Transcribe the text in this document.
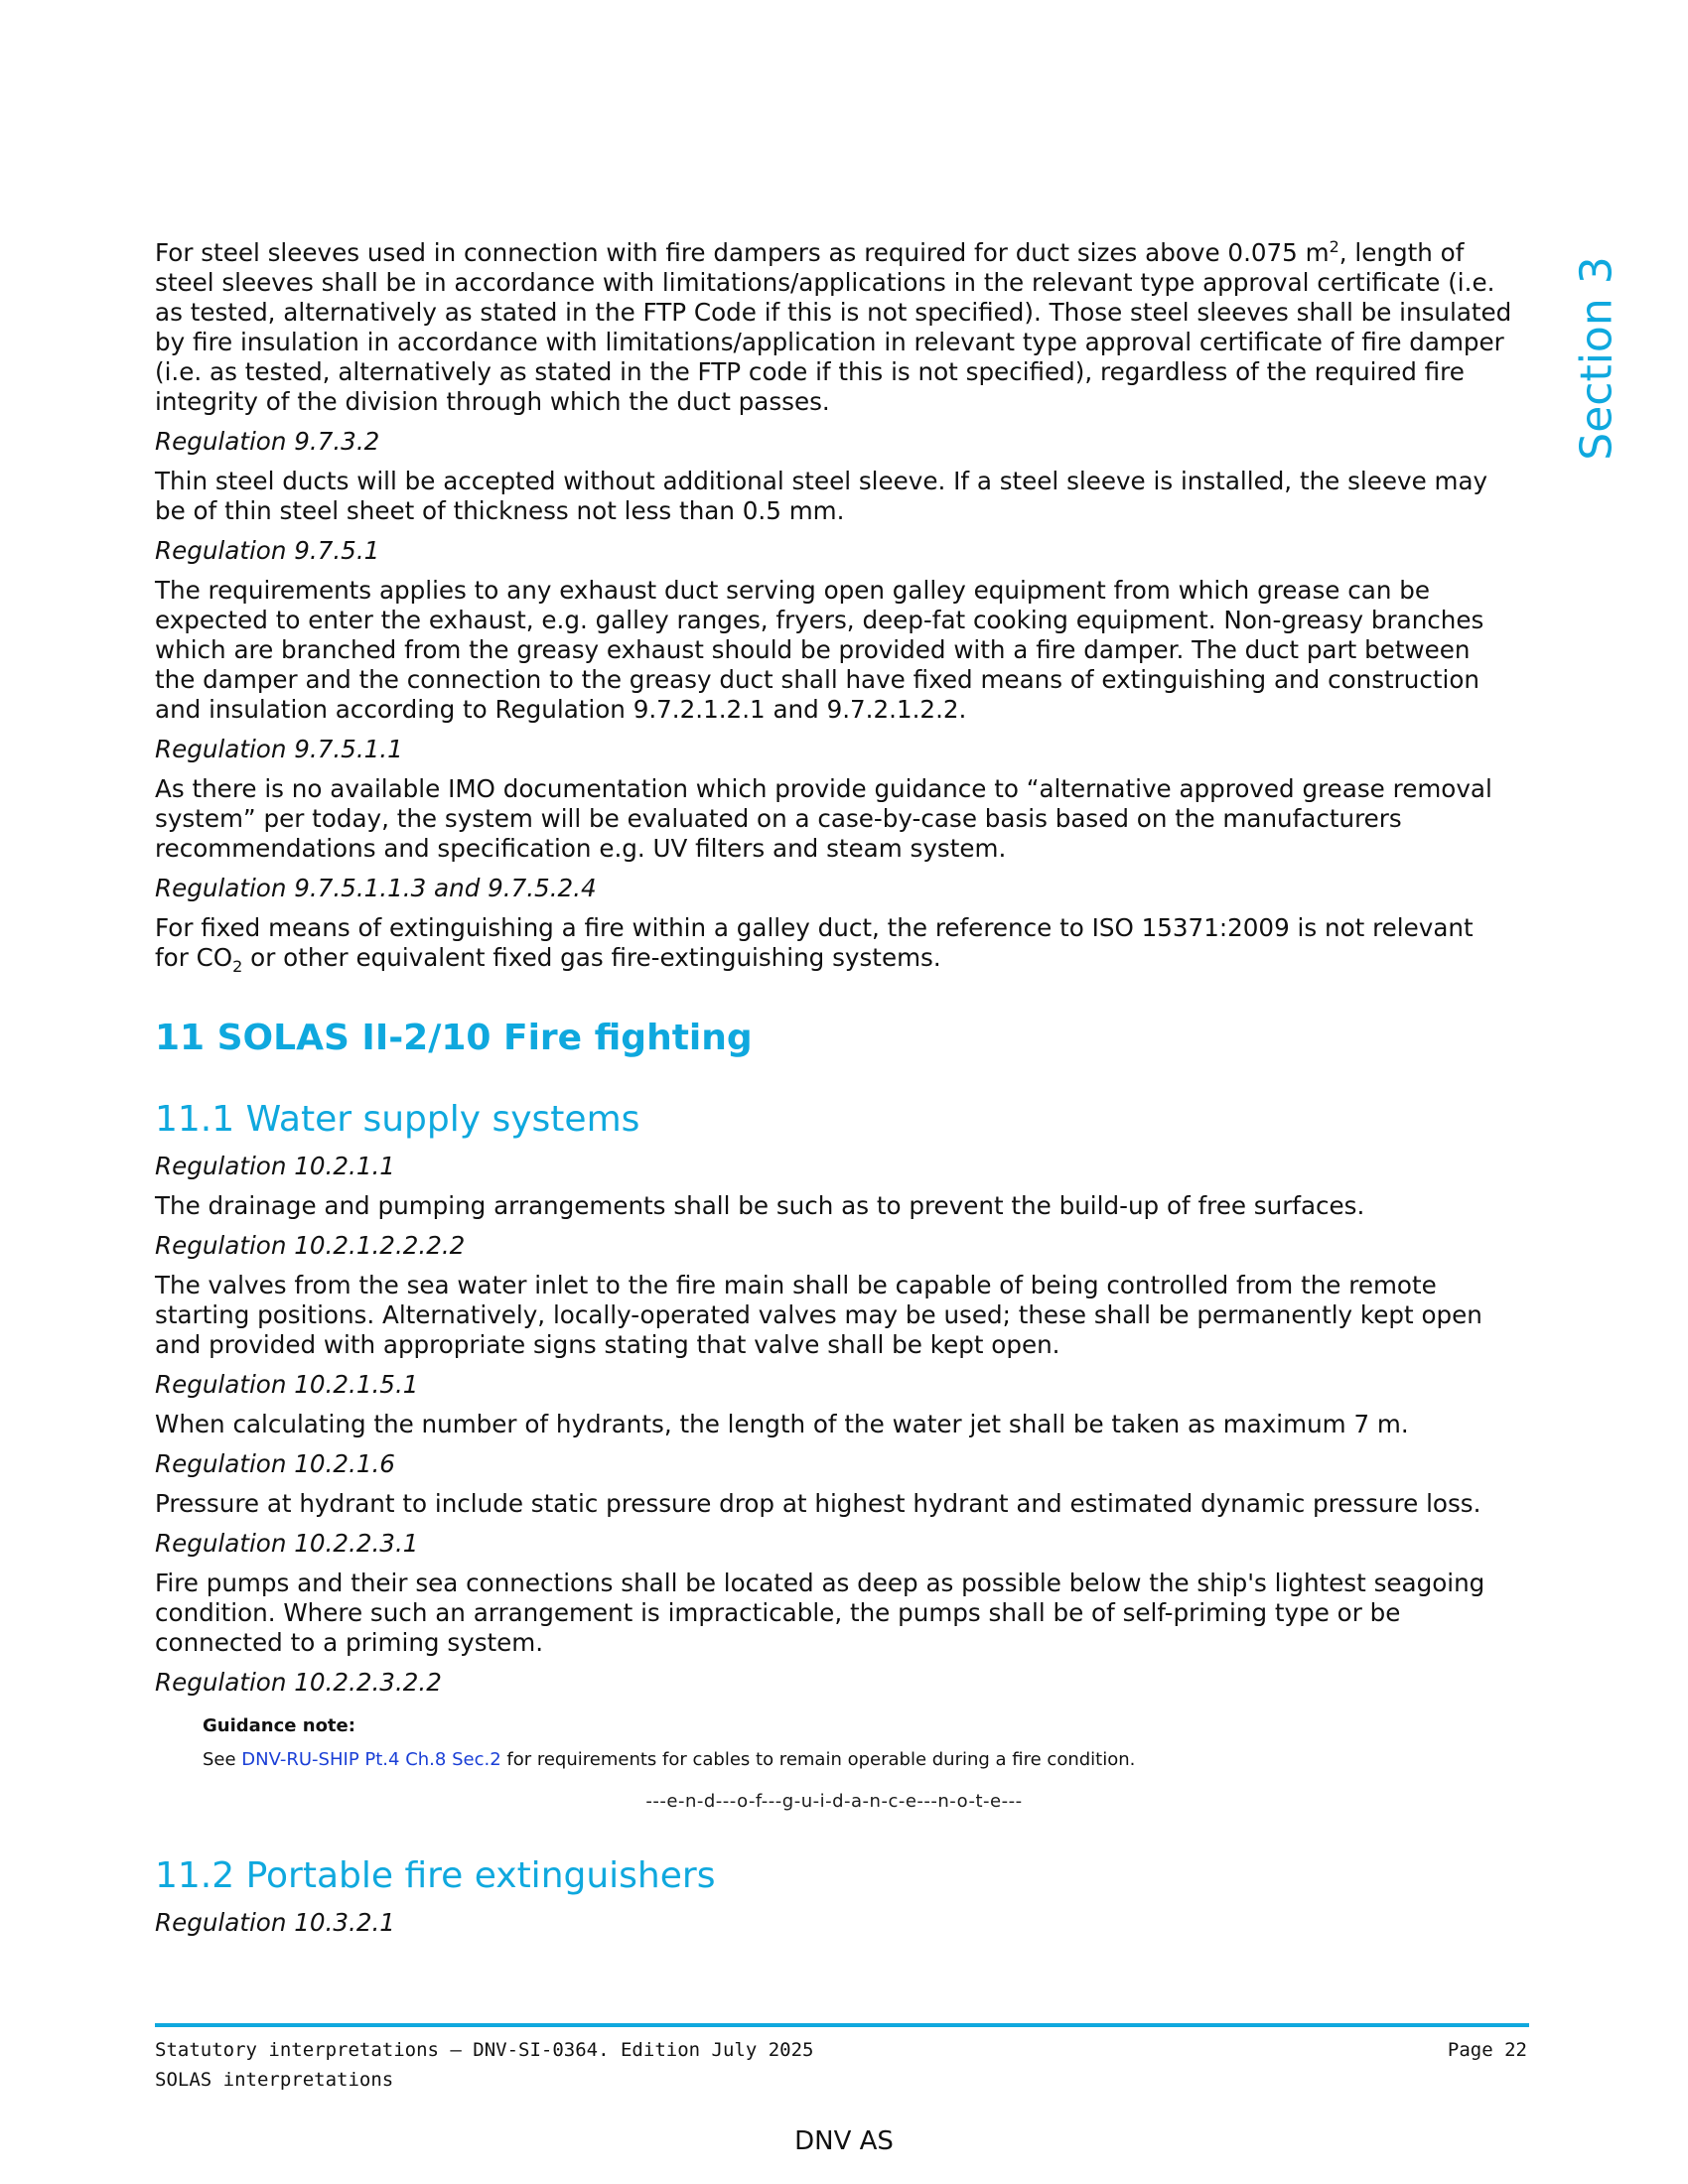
Section 3

For steel sleeves used in connection with fire dampers as required for duct sizes above 0.075 $m^2$, length of steel sleeves shall be in accordance with limitations/applications in the relevant type approval certificate (i.e. as tested, alternatively as stated in the FTP Code if this is not specified). Those steel sleeves shall be insulated by fire insulation in accordance with limitations/application in relevant type approval certificate of fire damper (i.e. as tested, alternatively as stated in the FTP code if this is not specified), regardless of the required fire integrity of the division through which the duct passes.

Regulation 9.7.3.2

Thin steel ducts will be accepted without additional steel sleeve. If a steel sleeve is installed, the sleeve may be of thin steel sheet of thickness not less than 0.5 mm.

Regulation 9.7.5.1

The requirements applies to any exhaust duct serving open galley equipment from which grease can be expected to enter the exhaust, e.g. galley ranges, fryers, deep-fat cooking equipment. Non-greasy branches which are branched from the greasy exhaust should be provided with a fire damper. The duct part between the damper and the connection to the greasy duct shall have fixed means of extinguishing and construction and insulation according to Regulation 9.7.2.1.2.1 and 9.7.2.1.2.2.

Regulation 9.7.5.1.1

As there is no available IMO documentation which provide guidance to “alternative approved grease removal system” per today, the system will be evaluated on a case-by-case basis based on the manufacturers recommendations and specification e.g. UV filters and steam system.

Regulation 9.7.5.1.1.3 and 9.7.5.2.4

For fixed means of extinguishing a fire within a galley duct, the reference to ISO 15371:2009 is not relevant for $CO_2$ or other equivalent fixed gas fire-extinguishing systems.

11 SOLAS II-2/10 Fire fighting
11.1 Water supply systems

Regulation 10.2.1.1

The drainage and pumping arrangements shall be such as to prevent the build-up of free surfaces.

Regulation 10.2.1.2.2.2.2

The valves from the sea water inlet to the fire main shall be capable of being controlled from the remote starting positions. Alternatively, locally-operated valves may be used; these shall be permanently kept open and provided with appropriate signs stating that valve shall be kept open.

Regulation 10.2.1.5.1

When calculating the number of hydrants, the length of the water jet shall be taken as maximum 7 m.

Regulation 10.2.1.6

Pressure at hydrant to include static pressure drop at highest hydrant and estimated dynamic pressure loss.

Regulation 10.2.2.3.1

Fire pumps and their sea connections shall be located as deep as possible below the ship's lightest seagoing condition. Where such an arrangement is impracticable, the pumps shall be of self-priming type or be connected to a priming system.

Regulation 10.2.2.3.2.2

Guidance note:
See DNV-RU-SHIP Pt.4 Ch.8 Sec.2 for requirements for cables to remain operable during a fire condition.

---e-n-d---o-f---g-u-i-d-a-n-c-e---n-o-t-e---

11.2 Portable fire extinguishers

Regulation 10.3.2.1

Statutory interpretations — DNV-SI-0364. Edition July 2025
SOLAS interpretations
Page 22
DNV AS
